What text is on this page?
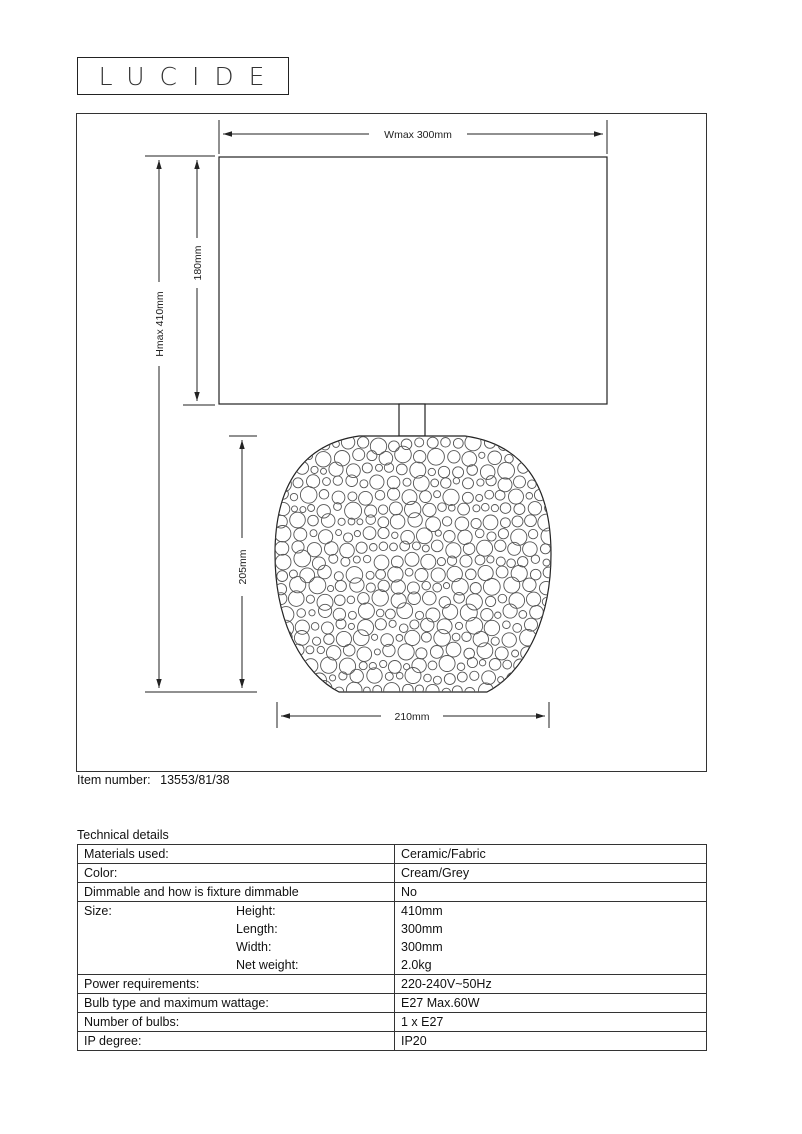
LUCIDE
Wmax 300mm
Hmax 410mm
180mm
205mm
210mm
Item number: 13553/81/38
Technical details
Materials used:	Ceramic/Fabric
Color:	Cream/Grey
Dimmable and how is fixture dimmable	No
Size: Height:	410mm
Length:	300mm
Width:	300mm
Net weight:	2.0kg
Power requirements:	220-240V~50Hz
Bulb type and maximum wattage:	E27 Max.60W
Number of bulbs:	1 x E27
IP degree:	IP20
